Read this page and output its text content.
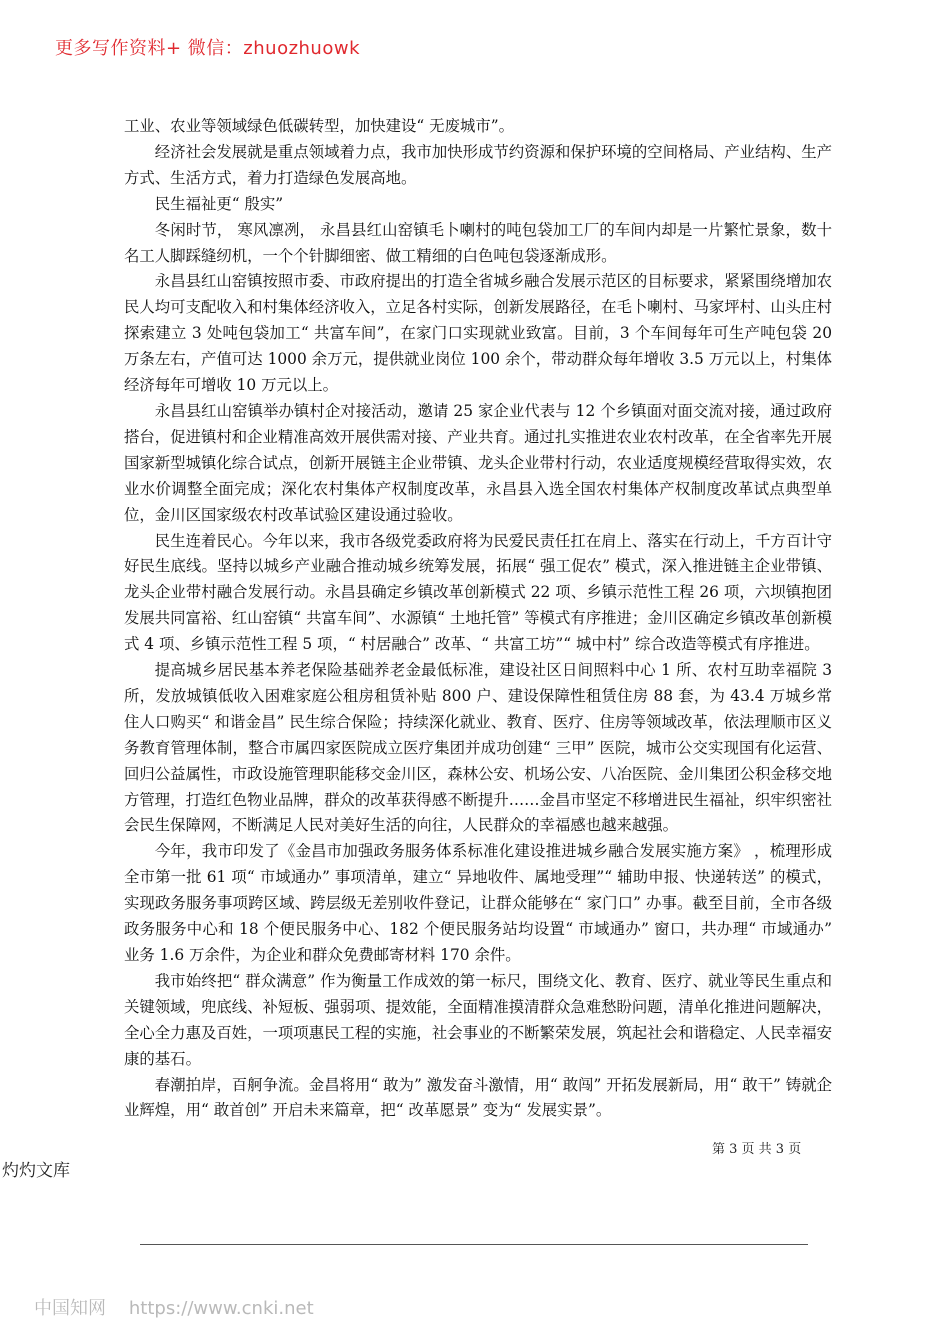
更多写作资料+ 微信：zhuozhuowk

工业、农业等领域绿色低碳转型，加快建设“ 无废城市”。

经济社会发展就是重点领域着力点，我市加快形成节约资源和保护环境的空间格局、产业结构、生产方式、生活方式，着力打造绿色发展高地。

民生福祉更“ 殷实”

冬闲时节， 寒风凛冽， 永昌县红山窑镇毛卜喇村的吨包袋加工厂的车间内却是一片繁忙景象，数十名工人脚踩缝纫机，一个个针脚细密、做工精细的白色吨包袋逐渐成形。

永昌县红山窑镇按照市委、市政府提出的打造全省城乡融合发展示范区的目标要求，紧紧围绕增加农民人均可支配收入和村集体经济收入，立足各村实际，创新发展路径，在毛卜喇村、马家坪村、山头庄村探索建立 3 处吨包袋加工“ 共富车间”，在家门口实现就业致富。目前，3 个车间每年可生产吨包袋 20 万条左右，产值可达 1000 余万元，提供就业岗位 100 余个，带动群众每年增收 3.5 万元以上，村集体经济每年可增收 10 万元以上。

永昌县红山窑镇举办镇村企对接活动，邀请 25 家企业代表与 12 个乡镇面对面交流对接，通过政府搭台，促进镇村和企业精准高效开展供需对接、产业共育。通过扎实推进农业农村改革，在全省率先开展国家新型城镇化综合试点，创新开展链主企业带镇、龙头企业带村行动，农业适度规模经营取得实效，农业水价调整全面完成；深化农村集体产权制度改革，永昌县入选全国农村集体产权制度改革试点典型单位，金川区国家级农村改革试验区建设通过验收。

民生连着民心。今年以来，我市各级党委政府将为民爱民责任扛在肩上、落实在行动上，千方百计守好民生底线。坚持以城乡产业融合推动城乡统筹发展，拓展“ 强工促农” 模式，深入推进链主企业带镇、龙头企业带村融合发展行动。永昌县确定乡镇改革创新模式 22 项、乡镇示范性工程 26 项，六坝镇抱团发展共同富裕、红山窑镇“ 共富车间”、水源镇“ 土地托管” 等模式有序推进；金川区确定乡镇改革创新模式 4 项、乡镇示范性工程 5 项，“ 村居融合” 改革、“ 共富工坊”“ 城中村” 综合改造等模式有序推进。

提高城乡居民基本养老保险基础养老金最低标准，建设社区日间照料中心 1 所、农村互助幸福院 3 所，发放城镇低收入困难家庭公租房租赁补贴 800 户、建设保障性租赁住房 88 套，为 43.4 万城乡常住人口购买“ 和谐金昌” 民生综合保险；持续深化就业、教育、医疗、住房等领域改革，依法理顺市区义务教育管理体制，整合市属四家医院成立医疗集团并成功创建“ 三甲” 医院，城市公交实现国有化运营、回归公益属性，市政设施管理职能移交金川区，森林公安、机场公安、八冶医院、金川集团公积金移交地方管理，打造红色物业品牌，群众的改革获得感不断提升……金昌市坚定不移增进民生福祉，织牢织密社会民生保障网，不断满足人民对美好生活的向往，人民群众的幸福感也越来越强。

今年，我市印发了《金昌市加强政务服务体系标准化建设推进城乡融合发展实施方案》 ，梳理形成全市第一批 61 项“ 市域通办” 事项清单，建立“ 异地收件、属地受理”“ 辅助申报、快递转送” 的模式，实现政务服务事项跨区域、跨层级无差别收件登记，让群众能够在“ 家门口” 办事。截至目前，全市各级政务服务中心和 18 个便民服务中心、182 个便民服务站均设置“ 市域通办” 窗口，共办理“ 市域通办” 业务 1.6 万余件，为企业和群众免费邮寄材料 170 余件。

我市始终把“ 群众满意” 作为衡量工作成效的第一标尺，围绕文化、教育、医疗、就业等民生重点和关键领域，兜底线、补短板、强弱项、提效能，全面精准摸清群众急难愁盼问题，清单化推进问题解决，全心全力惠及百姓，一项项惠民工程的实施，社会事业的不断繁荣发展，筑起社会和谐稳定、人民幸福安康的基石。

春潮拍岸，百舸争流。金昌将用“ 敢为” 激发奋斗激情，用“ 敢闯” 开拓发展新局，用“ 敢干” 铸就企业辉煌，用“ 敢首创” 开启未来篇章，把“ 改革愿景” 变为“ 发展实景”。

第 3 页 共 3 页
灼灼文库
中国知网    https://www.cnki.net
